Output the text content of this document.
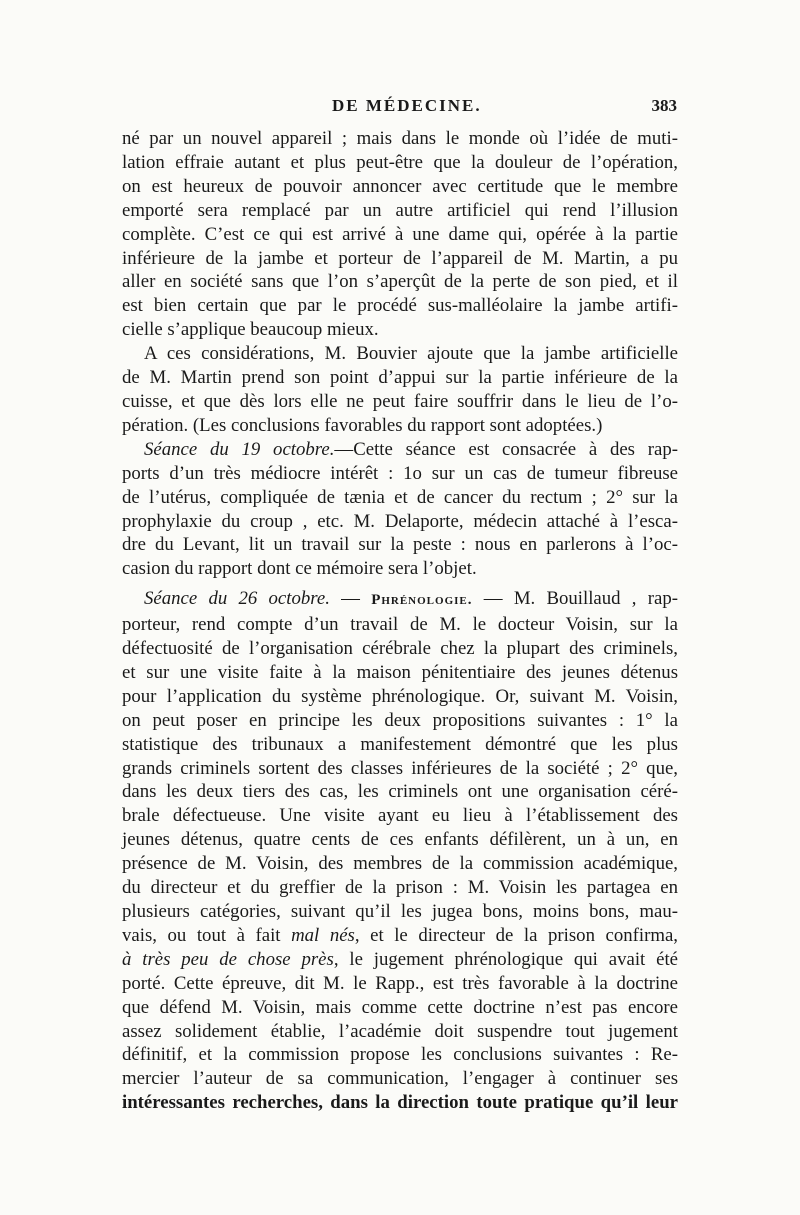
DE MÉDECINE.	383

né par un nouvel appareil ; mais dans le monde où l’idée de muti-

lation effraie autant et plus peut-être que la douleur de l’opération,

on est heureux de pouvoir annoncer avec certitude que le membre

emporté sera remplacé par un autre artificiel qui rend l’illusion

complète. C’est ce qui est arrivé à une dame qui, opérée à la partie

inférieure de la jambe et porteur de l’appareil de M. Martin, a pu

aller en société sans que l’on s’aperçût de la perte de son pied, et il

est bien certain que par le procédé sus-malléolaire la jambe artifi-

cielle s’applique beaucoup mieux.

A ces considérations, M. Bouvier ajoute que la jambe artificielle

de M. Martin prend son point d’appui sur la partie inférieure de la

cuisse, et que dès lors elle ne peut faire souffrir dans le lieu de l’o-

pération. (Les conclusions favorables du rapport sont adoptées.)

Séance du 19 octobre.—Cette séance est consacrée à des rap-

ports d’un très médiocre intérêt : 1o sur un cas de tumeur fibreuse

de l’utérus, compliquée de tænia et de cancer du rectum ; 2° sur la

prophylaxie du croup , etc. M. Delaporte, médecin attaché à l’esca-

dre du Levant, lit un travail sur la peste : nous en parlerons à l’oc-

casion du rapport dont ce mémoire sera l’objet.

Séance du 26 octobre. — Phrénologie. — M. Bouillaud , rap-

porteur, rend compte d’un travail de M. le docteur Voisin, sur la

défectuosité de l’organisation cérébrale chez la plupart des criminels,

et sur une visite faite à la maison pénitentiaire des jeunes détenus

pour l’application du système phrénologique. Or, suivant M. Voisin,

on peut poser en principe les deux propositions suivantes : 1° la

statistique des tribunaux a manifestement démontré que les plus

grands criminels sortent des classes inférieures de la société ; 2° que,

dans les deux tiers des cas, les criminels ont une organisation céré-

brale défectueuse. Une visite ayant eu lieu à l’établissement des

jeunes détenus, quatre cents de ces enfants défilèrent, un à un, en

présence de M. Voisin, des membres de la commission académique,

du directeur et du greffier de la prison : M. Voisin les partagea en

plusieurs catégories, suivant qu’il les jugea bons, moins bons, mau-

vais, ou tout à fait mal nés, et le directeur de la prison confirma,

à très peu de chose près, le jugement phrénologique qui avait été

porté. Cette épreuve, dit M. le Rapp., est très favorable à la doctrine

que défend M. Voisin, mais comme cette doctrine n’est pas encore

assez solidement établie, l’académie doit suspendre tout jugement

définitif, et la commission propose les conclusions suivantes : Re-

mercier l’auteur de sa communication, l’engager à continuer ses

intéressantes recherches, dans la direction toute pratique qu’il leur
